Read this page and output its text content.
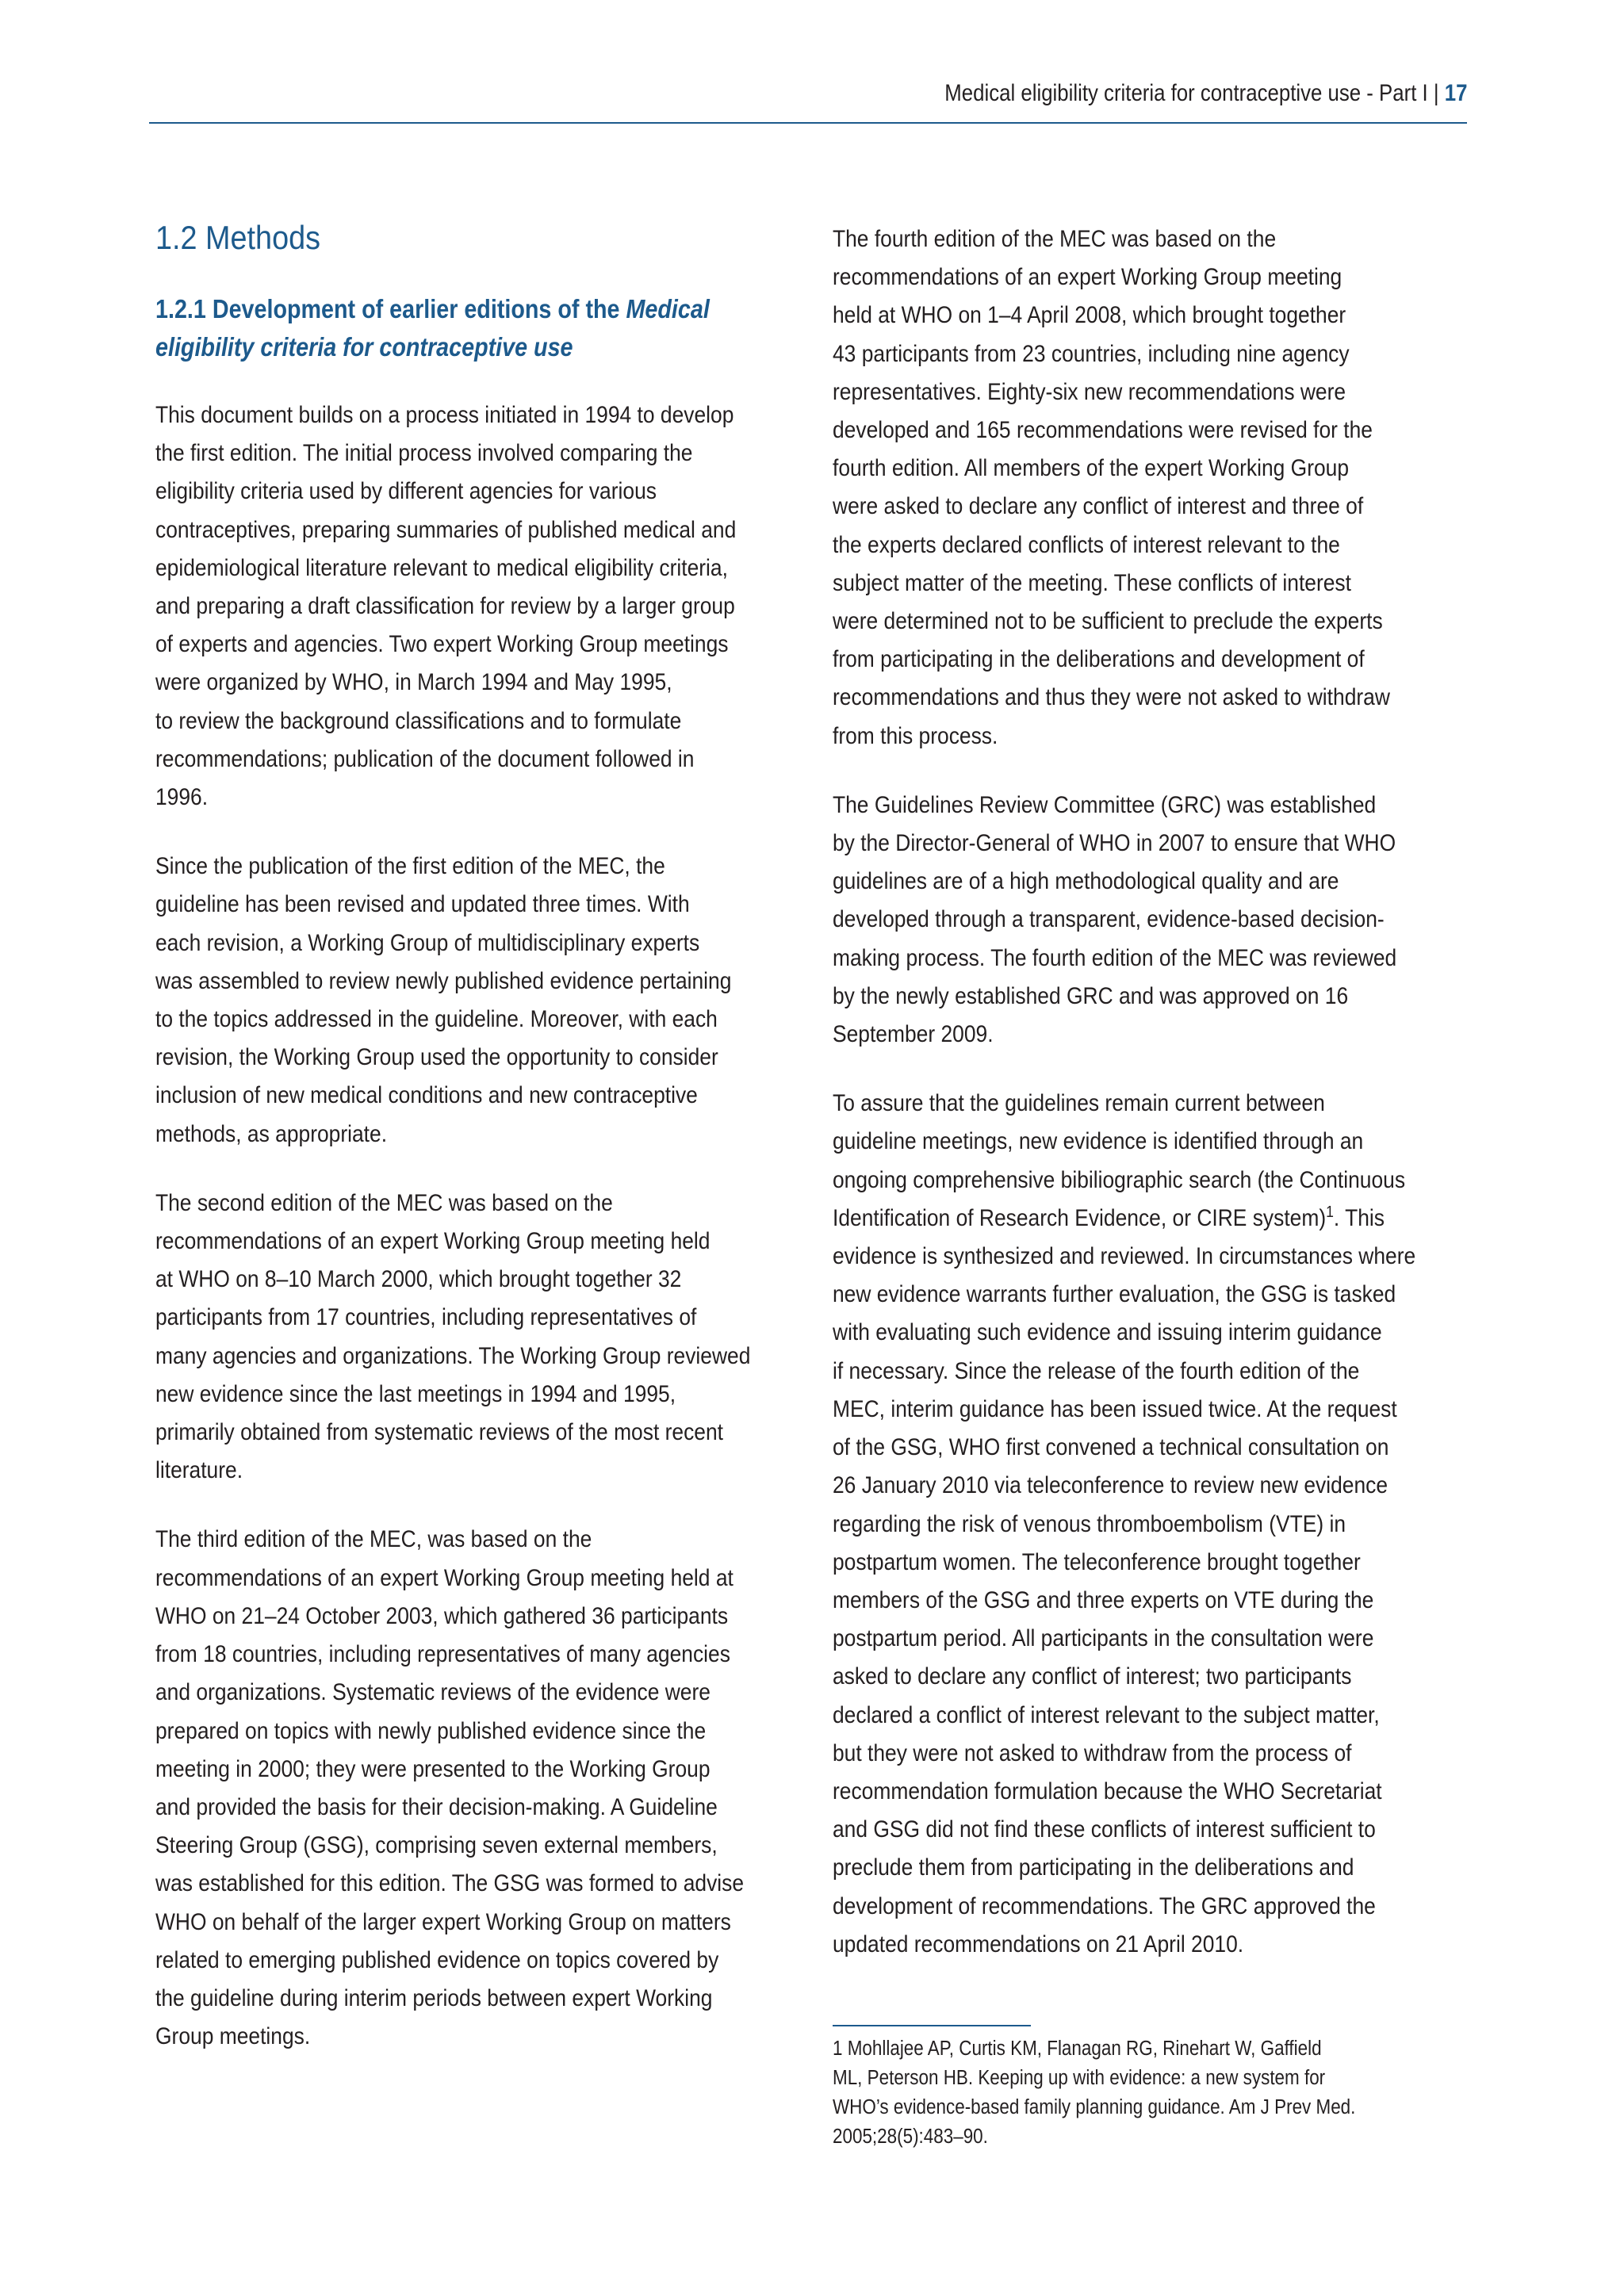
Medical eligibility criteria for contraceptive use - Part I | 17
1.2 Methods
1.2.1 Development of earlier editions of the Medical
eligibility criteria for contraceptive use

This document builds on a process initiated in 1994 to develop
the first edition. The initial process involved comparing the
eligibility criteria used by different agencies for various
contraceptives, preparing summaries of published medical and
epidemiological literature relevant to medical eligibility criteria,
and preparing a draft classification for review by a larger group
of experts and agencies. Two expert Working Group meetings
were organized by WHO, in March 1994 and May 1995,
to review the background classifications and to formulate
recommendations; publication of the document followed in
1996.

Since the publication of the first edition of the MEC, the
guideline has been revised and updated three times. With
each revision, a Working Group of multidisciplinary experts
was assembled to review newly published evidence pertaining
to the topics addressed in the guideline. Moreover, with each
revision, the Working Group used the opportunity to consider
inclusion of new medical conditions and new contraceptive
methods, as appropriate.

The second edition of the MEC was based on the
recommendations of an expert Working Group meeting held
at WHO on 8–10 March 2000, which brought together 32
participants from 17 countries, including representatives of
many agencies and organizations. The Working Group reviewed
new evidence since the last meetings in 1994 and 1995,
primarily obtained from systematic reviews of the most recent
literature.

The third edition of the MEC, was based on the
recommendations of an expert Working Group meeting held at
WHO on 21–24 October 2003, which gathered 36 participants
from 18 countries, including representatives of many agencies
and organizations. Systematic reviews of the evidence were
prepared on topics with newly published evidence since the
meeting in 2000; they were presented to the Working Group
and provided the basis for their decision-making. A Guideline
Steering Group (GSG), comprising seven external members,
was established for this edition. The GSG was formed to advise
WHO on behalf of the larger expert Working Group on matters
related to emerging published evidence on topics covered by
the guideline during interim periods between expert Working
Group meetings.

The fourth edition of the MEC was based on the
recommendations of an expert Working Group meeting
held at WHO on 1–4 April 2008, which brought together
43 participants from 23 countries, including nine agency
representatives. Eighty-six new recommendations were
developed and 165 recommendations were revised for the
fourth edition. All members of the expert Working Group
were asked to declare any conflict of interest and three of
the experts declared conflicts of interest relevant to the
subject matter of the meeting. These conflicts of interest
were determined not to be sufficient to preclude the experts
from participating in the deliberations and development of
recommendations and thus they were not asked to withdraw
from this process.

The Guidelines Review Committee (GRC) was established
by the Director-General of WHO in 2007 to ensure that WHO
guidelines are of a high methodological quality and are
developed through a transparent, evidence-based decision-
making process. The fourth edition of the MEC was reviewed
by the newly established GRC and was approved on 16
September 2009.

To assure that the guidelines remain current between
guideline meetings, new evidence is identified through an
ongoing comprehensive bibiliographic search (the Continuous
Identification of Research Evidence, or CIRE system)$^1$. This
evidence is synthesized and reviewed. In circumstances where
new evidence warrants further evaluation, the GSG is tasked
with evaluating such evidence and issuing interim guidance
if necessary. Since the release of the fourth edition of the
MEC, interim guidance has been issued twice. At the request
of the GSG, WHO first convened a technical consultation on
26 January 2010 via teleconference to review new evidence
regarding the risk of venous thromboembolism (VTE) in
postpartum women. The teleconference brought together
members of the GSG and three experts on VTE during the
postpartum period. All participants in the consultation were
asked to declare any conflict of interest; two participants
declared a conflict of interest relevant to the subject matter,
but they were not asked to withdraw from the process of
recommendation formulation because the WHO Secretariat
and GSG did not find these conflicts of interest sufficient to
preclude them from participating in the deliberations and
development of recommendations. The GRC approved the
updated recommendations on 21 April 2010.

1 Mohllajee AP, Curtis KM, Flanagan RG, Rinehart W, Gaffield
ML, Peterson HB. Keeping up with evidence: a new system for
WHO’s evidence-based family planning guidance. Am J Prev Med.
2005;28(5):483–90.
